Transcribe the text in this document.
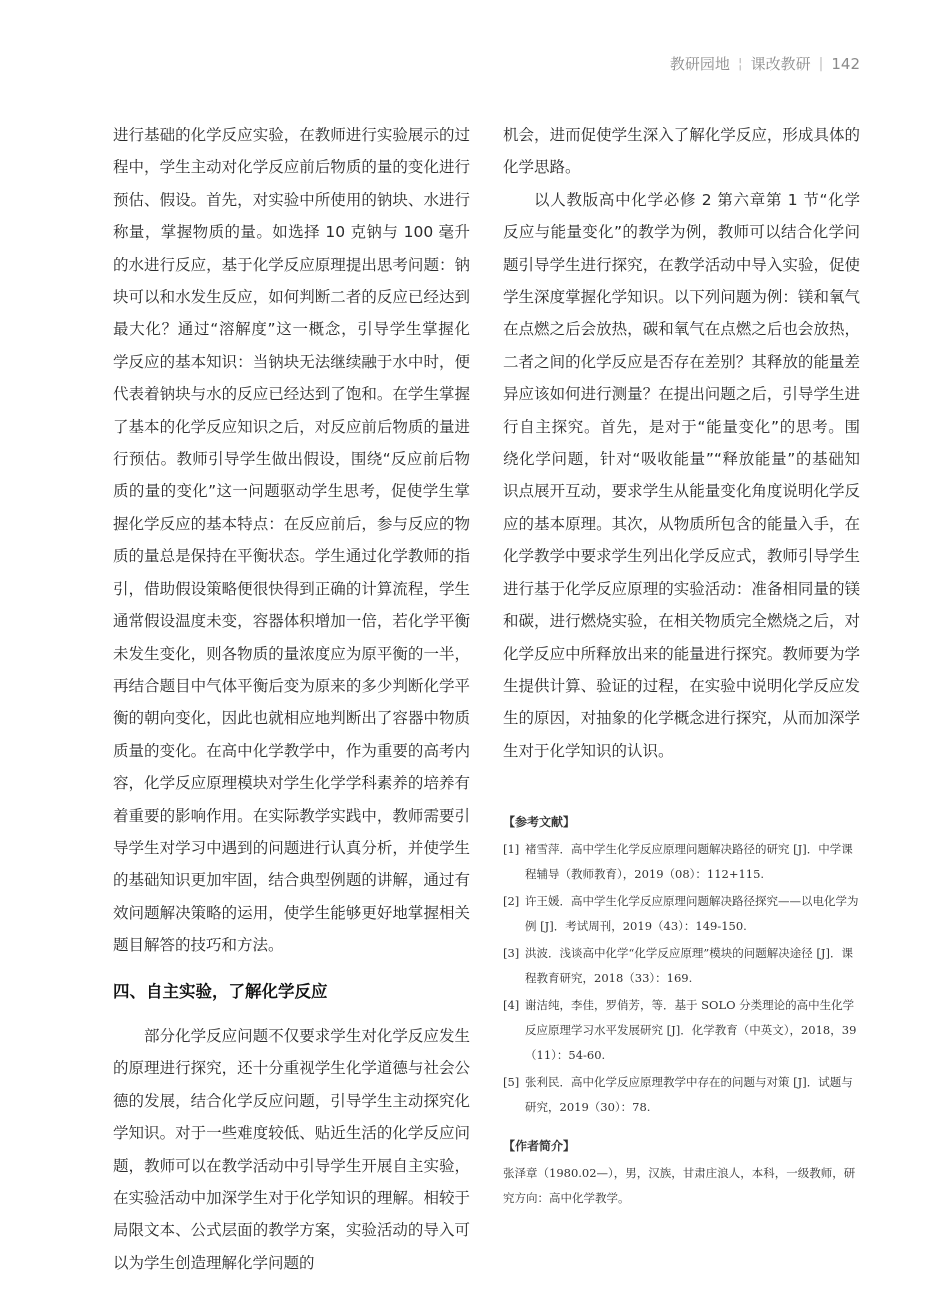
教研园地 ¦ 课改教研 | 142

进行基础的化学反应实验，在教师进行实验展示的过程中，学生主动对化学反应前后物质的量的变化进行预估、假设。首先，对实验中所使用的钠块、水进行称量，掌握物质的量。如选择 10 克钠与 100 毫升的水进行反应，基于化学反应原理提出思考问题：钠块可以和水发生反应，如何判断二者的反应已经达到最大化？通过“溶解度”这一概念，引导学生掌握化学反应的基本知识：当钠块无法继续融于水中时，便代表着钠块与水的反应已经达到了饱和。在学生掌握了基本的化学反应知识之后，对反应前后物质的量进行预估。教师引导学生做出假设，围绕“反应前后物质的量的变化”这一问题驱动学生思考，促使学生掌握化学反应的基本特点：在反应前后，参与反应的物质的量总是保持在平衡状态。学生通过化学教师的指引，借助假设策略便很快得到正确的计算流程，学生通常假设温度未变，容器体积增加一倍，若化学平衡未发生变化，则各物质的量浓度应为原平衡的一半，再结合题目中气体平衡后变为原来的多少判断化学平衡的朝向变化，因此也就相应地判断出了容器中物质质量的变化。在高中化学教学中，作为重要的高考内容，化学反应原理模块对学生化学学科素养的培养有着重要的影响作用。在实际教学实践中，教师需要引导学生对学习中遇到的问题进行认真分析，并使学生的基础知识更加牢固，结合典型例题的讲解，通过有效问题解决策略的运用，使学生能够更好地掌握相关题目解答的技巧和方法。

四、自主实验，了解化学反应

部分化学反应问题不仅要求学生对化学反应发生的原理进行探究，还十分重视学生化学道德与社会公德的发展，结合化学反应问题，引导学生主动探究化学知识。对于一些难度较低、贴近生活的化学反应问题，教师可以在教学活动中引导学生开展自主实验，在实验活动中加深学生对于化学知识的理解。相较于局限文本、公式层面的教学方案，实验活动的导入可以为学生创造理解化学问题的

机会，进而促使学生深入了解化学反应，形成具体的化学思路。

以人教版高中化学必修 2 第六章第 1 节“化学反应与能量变化”的教学为例，教师可以结合化学问题引导学生进行探究，在教学活动中导入实验，促使学生深度掌握化学知识。以下列问题为例：镁和氧气在点燃之后会放热，碳和氧气在点燃之后也会放热，二者之间的化学反应是否存在差别？其释放的能量差异应该如何进行测量？在提出问题之后，引导学生进行自主探究。首先，是对于“能量变化”的思考。围绕化学问题，针对“吸收能量”“释放能量”的基础知识点展开互动，要求学生从能量变化角度说明化学反应的基本原理。其次，从物质所包含的能量入手，在化学教学中要求学生列出化学反应式，教师引导学生进行基于化学反应原理的实验活动：准备相同量的镁和碳，进行燃烧实验，在相关物质完全燃烧之后，对化学反应中所释放出来的能量进行探究。教师要为学生提供计算、验证的过程，在实验中说明化学反应发生的原因，对抽象的化学概念进行探究，从而加深学生对于化学知识的认识。

【参考文献】
[1] 褚雪萍．高中学生化学反应原理问题解决路径的研究 [J]．中学课程辅导（教师教育），2019（08）：112+115.
[2] 许王媛．高中学生化学反应原理问题解决路径探究——以电化学为例 [J]．考试周刊，2019（43）：149-150.
[3] 洪波．浅谈高中化学“化学反应原理”模块的问题解决途径 [J]．课程教育研究，2018（33）：169.
[4] 谢洁纯，李佳，罗俏芳，等．基于 SOLO 分类理论的高中生化学反应原理学习水平发展研究 [J]．化学教育（中英文），2018，39（11）：54-60.
[5] 张利民．高中化学反应原理教学中存在的问题与对策 [J]．试题与研究，2019（30）：78.
【作者简介】
张泽章（1980.02—），男，汉族，甘肃庄浪人，本科，一级教师，研究方向：高中化学教学。
